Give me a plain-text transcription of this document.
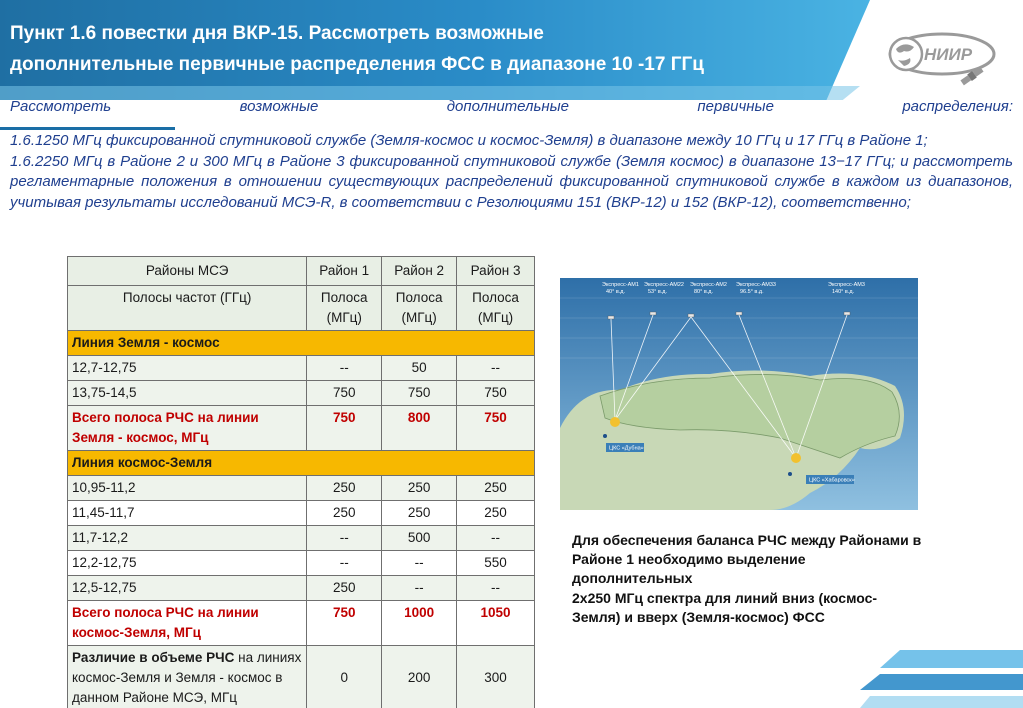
Пункт 1.6 повестки дня ВКР-15. Рассмотреть возможные
дополнительные первичные распределения ФСС в диапазоне 10 -17 ГГц	НИИР
Рассмотреть возможные дополнительные первичные распределения:

1.6.1250 МГц фиксированной спутниковой службе (Земля-космос и космос-Земля) в диапазоне между 10 ГГц и 17 ГГц в Районе 1;

1.6.2250 МГц в Районе 2 и 300 МГц в Районе 3 фиксированной спутниковой службе (Земля космос) в диапазоне 13−17 ГГц; и рассмотреть регламентарные положения в отношении существующих распределений фиксированной спутниковой службе в каждом из диапазонов, учитывая результаты исследований МСЭ-R, в соответствии с Резолюциями 151 (ВКР-12) и 152 (ВКР-12), соответственно;

Районы МСЭ	Район 1	Район 2	Район 3
Полосы частот (ГГц)	Полоса (МГц)	Полоса (МГц)	Полоса (МГц)
Линия Земля - космос			
12,7-12,75	--	50	--
13,75-14,5	750	750	750
Всего полоса РЧС на линии Земля - космос, МГц	750	800	750
Линия космос-Земля			
10,95-11,2	250	250	250
11,45-11,7	250	250	250
11,7-12,2	--	500	--
12,2-12,75	--	--	550
12,5-12,75	250	--	--
Всего полоса РЧС на линии космос-Земля, МГц	750	1000	1050
Различие в объеме РЧС на линиях космос-Земля и Земля - космос в данном Районе МСЭ, МГц	0	200	300
Экспресс-АМ1
40° в.д.
Экспресс-АМ22
53° в.д.
Экспресс-АМ2
80° в.д.
Экспресс-АМ33
96.5° в.д.
Экспресс-АМ3
140° в.д.
ЦКС «Дубна»
ЦКС «Хабаровск»
Для обеспечения баланса РЧС между Районами в Районе 1 необходимо выделение дополнительных
2х250 МГц спектра для линий вниз (космос-Земля) и вверх (Земля-космос) ФСС
